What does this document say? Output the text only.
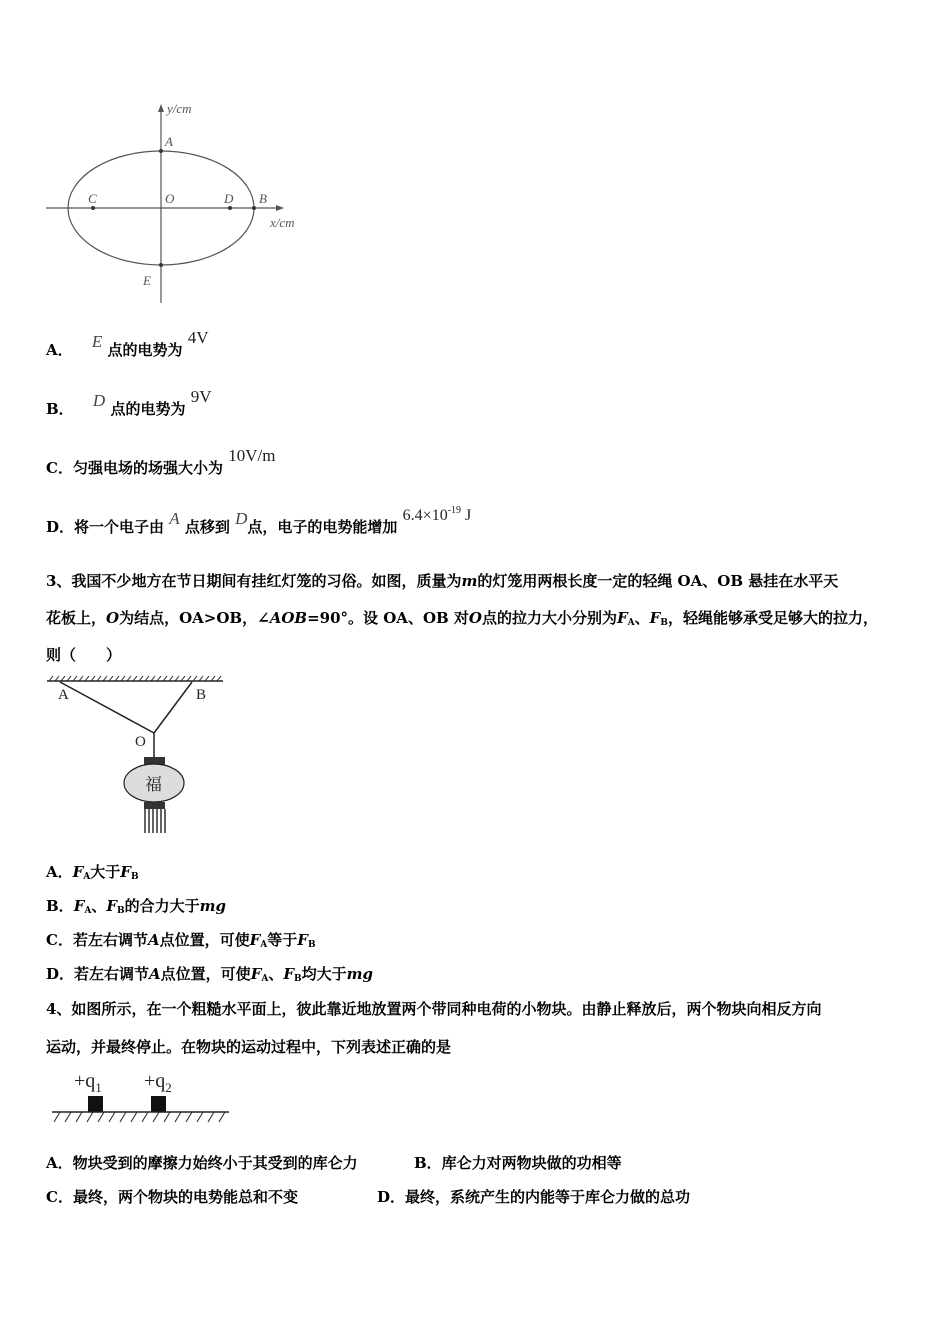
y/cm
x/cm
A
B
C	O	D
E
A． E 点的电势为 4V
B． D 点的电势为 9V
C．匀强电场的场强大小为 10V/m
D．将一个电子由 A 点移到 D点，电子的电势能增加 $6.4\times 10^{-19}$ J
3、我国不少地方在节日期间有挂红灯笼的习俗。如图，质量为m的灯笼用两根长度一定的轻绳 OA、OB 悬挂在水平天
花板上，O为结点，OA>OB，∠AOB=90°。设 OA、OB 对O点的拉力大小分别为$F_A$、$F_B$，轻绳能够承受足够大的拉力，
则（　　）
A	B
O
福
A．$F_A$大于$F_B$
B．$F_A$、$F_B$的合力大于mg
C．若左右调节A点位置，可使$F_A$等于$F_B$
D．若左右调节A点位置，可使$F_A$、$F_B$均大于mg
4、如图所示，在一个粗糙水平面上，彼此靠近地放置两个带同种电荷的小物块。由静止释放后，两个物块向相反方向
运动，并最终停止。在物块的运动过程中，下列表述正确的是
$+q_1 +q_2$
A．物块受到的摩擦力始终小于其受到的库仑力	B．库仑力对两物块做的功相等
C．最终，两个物块的电势能总和不变	D．最终，系统产生的内能等于库仑力做的总功
